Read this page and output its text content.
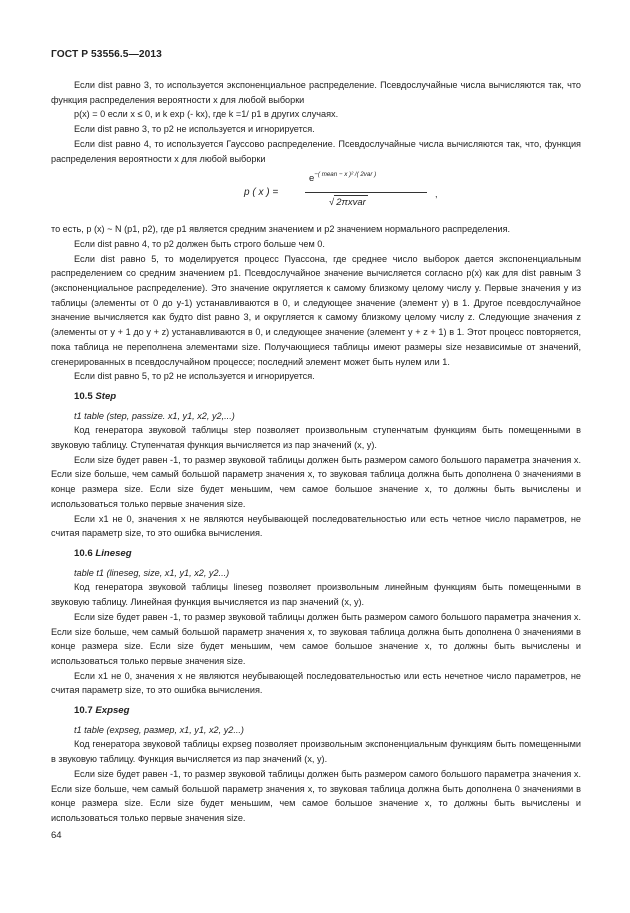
ГОСТ Р 53556.5—2013

Если dist равно 3, то используется экспоненциальное распределение. Псевдослучайные числа вычисляются так, что функция распределения вероятности x для любой выборки

p(x) = 0 если x ≤ 0, и k exp (- kx), где k =1/ p1 в других случаях.

Если dist равно 3, то p2 не используется и игнорируется.

Если dist равно 4, то используется Гауссово распределение. Псевдослучайные числа вычисляются так, что, функция распределения вероятности x для любой выборки

p ( x ) =
$e^{-( mean - x )^2 /( 2var )}$
√ 2πxvar
,

то есть, p (x) ~ N (p1, p2), где p1 является средним значением и p2 значением нормального распределения.

Если dist равно 4, то p2 должен быть строго больше чем 0.

Если dist равно 5, то моделируется процесс Пуассона, где среднее число выборок дается экспоненциальным распределением со средним значением p1. Псевдослучайное значение вычисляется согласно p(x) как для dist равным 3 (экспоненциальное распределение). Это значение округляется к самому близкому целому числу y. Первые значения y из таблицы (элементы от 0 до y-1) устанавливаются в 0, и следующее значение (элемент y) в 1. Другое псевдослучайное значение вычисляется как будто dist равно 3, и округляется к самому близкому целому числу z. Следующие значения z (элементы от y + 1 до y + z) устанавливаются в 0, и следующее значение (элемент y + z + 1) в 1. Этот процесс повторяется, пока таблица не переполнена элементами size. Получающиеся таблицы имеют размеры size независимые от значений, сгенерированных в псевдослучайном процессе; последний элемент может быть нулем или 1.

Если dist равно 5, то p2 не используется и игнорируется.

10.5 Step

t1 table (step, passize. x1, y1, x2, y2,...)

Код генератора звуковой таблицы step позволяет произвольным ступенчатым функциям быть помещенными в звуковую таблицу. Ступенчатая функция вычисляется из пар значений (x, y).

Если size будет равен -1, то размер звуковой таблицы должен быть размером самого большого параметра значения x. Если size больше, чем самый большой параметр значения x, то звуковая таблица должна быть дополнена 0 значениями в конце размера size. Если size будет меньшим, чем самое большое значение x, то должны быть вычислены и использоваться только первые значения size.

Если x1 не 0, значения x не являются неубывающей последовательностью или есть четное число параметров, не считая параметр size, то это ошибка вычисления.

10.6 Lineseg

table t1 (lineseg, size, x1, y1, x2, y2...)

Код генератора звуковой таблицы lineseg позволяет произвольным линейным функциям быть помещенными в звуковую таблицу. Линейная функция вычисляется из пар значений (x, y).

Если size будет равен -1, то размер звуковой таблицы должен быть размером самого большого параметра значения x. Если size больше, чем самый большой параметр значения x, то звуковая таблица должна быть дополнена 0 значениями в конце размера size. Если size будет меньшим, чем самое большое значение x, то должны быть вычислены и использоваться только первые значения size.

Если x1 не 0, значения x не являются неубывающей последовательностью или есть нечетное число параметров, не считая параметр size, то это ошибка вычисления.

10.7 Expseg

t1 table (expseg, размер, x1, y1, x2, y2...)

Код генератора звуковой таблицы expseg позволяет произвольным экспоненциальным функциям быть помещенными в звуковую таблицу. Функция вычисляется из пар значений (x, y).

Если size будет равен -1, то размер звуковой таблицы должен быть размером самого большого параметра значения x. Если size больше, чем самый большой параметр значения x, то звуковая таблица должна быть дополнена 0 значениями в конце размера size. Если size будет меньшим, чем самое большое значение x, то должны быть вычислены и использоваться только первые значения size.

64
